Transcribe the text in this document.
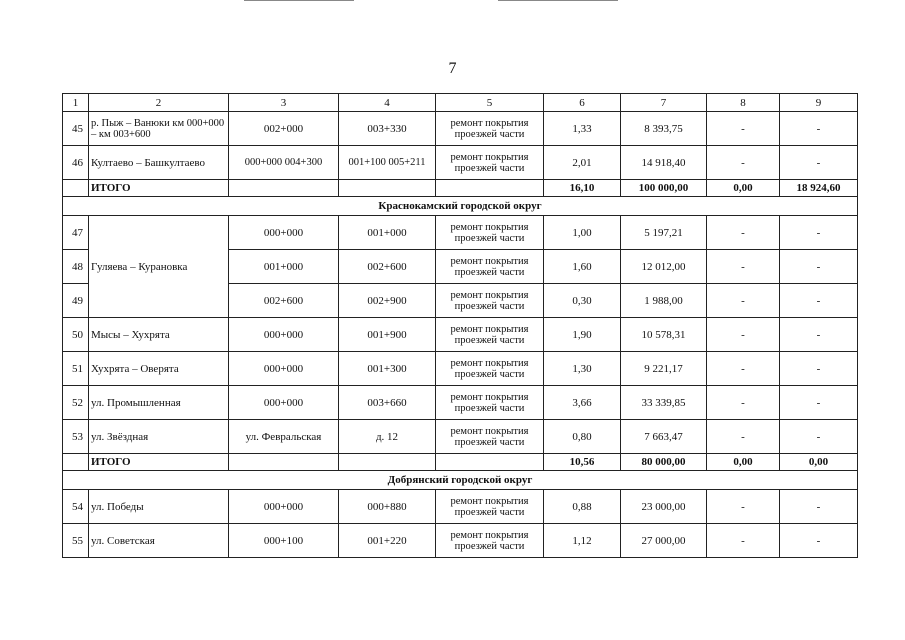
7
1	2	3	4	5	6	7	8	9
45	р. Пыж – Ванюки км 000+000 – км 003+600	002+000	003+330	ремонт покрытия проезжей части	1,33	8 393,75	-	-
46	Култаево – Башкултаево	000+000 004+300	001+100 005+211	ремонт покрытия проезжей части	2,01	14 918,40	-	-
	ИТОГО				16,10	100 000,00	0,00	18 924,60
Краснокамский городской округ								
47	Гуляева – Курановка	000+000	001+000	ремонт покрытия проезжей части	1,00	5 197,21	-	-
48		001+000	002+600	ремонт покрытия проезжей части	1,60	12 012,00	-	-
49		002+600	002+900	ремонт покрытия проезжей части	0,30	1 988,00	-	-
50	Мысы – Хухрята	000+000	001+900	ремонт покрытия проезжей части	1,90	10 578,31	-	-
51	Хухрята – Оверята	000+000	001+300	ремонт покрытия проезжей части	1,30	9 221,17	-	-
52	ул. Промышленная	000+000	003+660	ремонт покрытия проезжей части	3,66	33 339,85	-	-
53	ул. Звёздная	ул. Февральская	д. 12	ремонт покрытия проезжей части	0,80	7 663,47	-	-
	ИТОГО				10,56	80 000,00	0,00	0,00
Добрянский городской округ								
54	ул. Победы	000+000	000+880	ремонт покрытия проезжей части	0,88	23 000,00	-	-
55	ул. Советская	000+100	001+220	ремонт покрытия проезжей части	1,12	27 000,00	-	-
